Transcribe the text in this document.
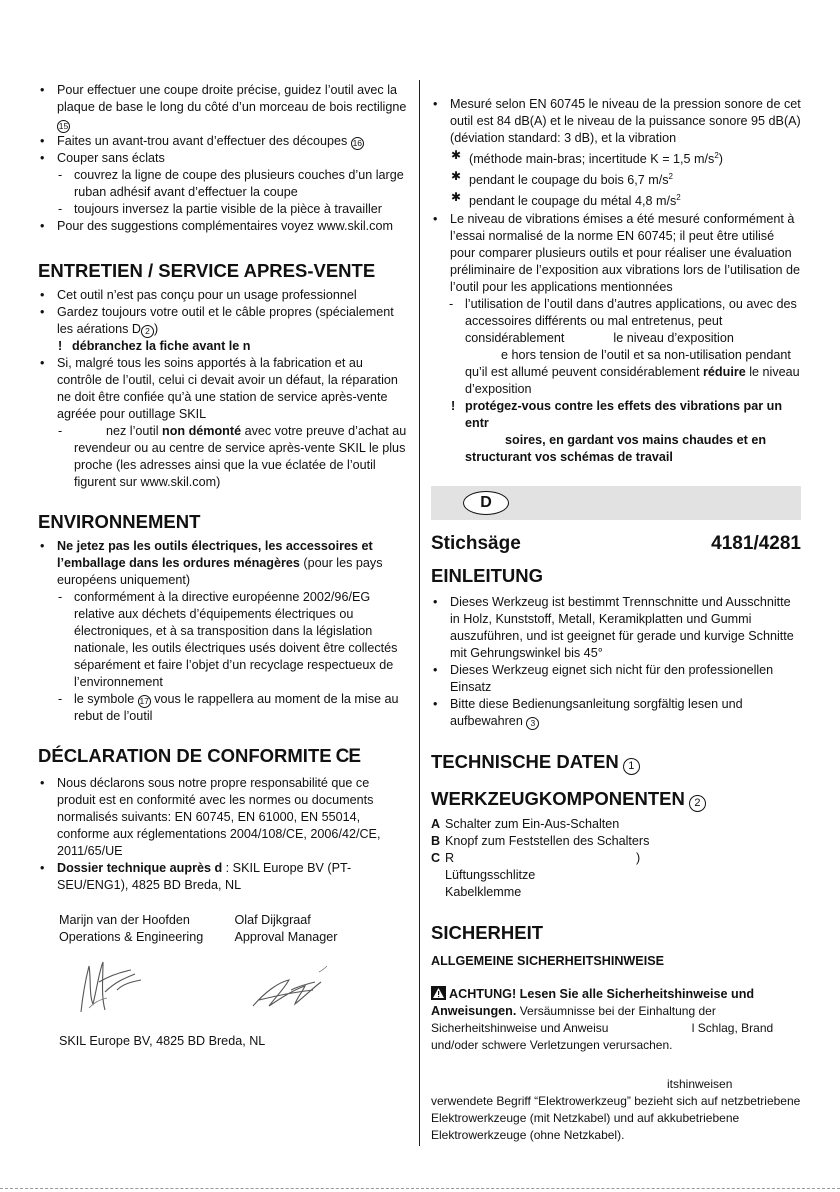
• Pour effectuer une coupe droite précise, guidez l’outil avec la plaque de base le long du côté d’un morceau de bois rectiligne 15
• Faites un avant-trou avant d’effectuer des découpes 16
• Couper sans éclats
- couvrez la ligne de coupe des plusieurs couches d’un large ruban adhésif avant d’effectuer la coupe
- toujours inversez la partie visible de la pièce à travailler
• Pour des suggestions complémentaires voyez www.skil.com
ENTRETIEN / SERVICE APRES-VENTE
• Cet outil n’est pas conçu pour un usage professionnel
• Gardez toujours votre outil et le câble propres (spécialement les aérations D 2 )
! débranchez la fiche avant le n
• Si, malgré tous les soins apportés à la fabrication et au contrôle de l’outil, celui ci devait avoir un défaut, la réparation ne doit être confiée qu’à une station de service après-vente agréée pour outillage SKIL
- nez l’outil non démonté avec votre preuve d’achat au revendeur ou au centre de service après-vente SKIL le plus proche (les adresses ainsi que la vue éclatée de l’outil figurent sur www.skil.com)
ENVIRONNEMENT
• Ne jetez pas les outils électriques, les accessoires et l’emballage dans les ordures ménagères (pour les pays européens uniquement)
- conformément à la directive européenne 2002/96/EG relative aux déchets d’équipements électriques ou électroniques, et à sa transposition dans la législation nationale, les outils électriques usés doivent être collectés séparément et faire l’objet d’un recyclage respectueux de l’environnement
- le symbole 17 vous le rappellera au moment de la mise au rebut de l’outil
DÉCLARATION DE CONFORMITE CE
• Nous déclarons sous notre propre responsabilité que ce produit est en conformité avec les normes ou documents normalisés suivants: EN 60745, EN 61000, EN 55014, conforme aux réglementations 2004/108/CE, 2006/42/CE, 2011/65/UE
• Dossier technique auprès d : SKIL Europe BV (PT-SEU/ENG1), 4825 BD Breda, NL
Marijn van der Hoofden
Operations & Engineering
Olaf Dijkgraaf
Approval Manager
SKIL Europe BV, 4825 BD Breda, NL
• Mesuré selon EN 60745 le niveau de la pression sonore de cet outil est 84 dB(A) et le niveau de la puissance sonore 95 dB(A) (déviation standard: 3 dB), et la vibration
✱ (méthode main-bras; incertitude K = 1,5 $m/s^2$)
✱ pendant le coupage du bois 6,7 $m/s^2$
✱ pendant le coupage du métal 4,8 $m/s^2$
• Le niveau de vibrations émises a été mesuré conformément à l’essai normalisé de la norme EN 60745; il peut être utilisé pour comparer plusieurs outils et pour réaliser une évaluation préliminaire de l’exposition aux vibrations lors de l’utilisation de l’outil pour les applications mentionnées
- l’utilisation de l’outil dans d’autres applications, ou avec des accessoires différents ou mal entretenus, peut considérablement	le niveau d’exposition
e hors tension de l’outil et sa non-utilisation pendant qu’il est allumé peuvent considérablement réduire le niveau d’exposition
! protégez-vous contre les effets des vibrations par un entr
soires, en gardant vos mains chaudes et en structurant vos schémas de travail
D
Stichsäge	4181/4281
EINLEITUNG
• Dieses Werkzeug ist bestimmt Trennschnitte und Ausschnitte in Holz, Kunststoff, Metall, Keramikplatten und Gummi auszuführen, und ist geeignet für gerade und kurvige Schnitte mit Gehrungswinkel bis 45°
• Dieses Werkzeug eignet sich nicht für den professionellen Einsatz
• Bitte diese Bedienungsanleitung sorgfältig lesen und aufbewahren 3
TECHNISCHE DATEN 1
WERKZEUGKOMPONENTEN 2
A Schalter zum Ein-Aus-Schalten
B Knopf zum Feststellen des Schalters
C R                                                    )
Lüftungsschlitze
Kabelklemme
SICHERHEIT
ALLGEMEINE SICHERHEITSHINWEISE
ACHTUNG! Lesen Sie alle Sicherheitshinweise und Anweisungen. Versäumnisse bei der Einhaltung der Sicherheitshinweise und Anweisu                         l Schlag, Brand und/oder schwere Verletzungen verursachen.
itshinweisen
verwendete Begriff “Elektrowerkzeug” bezieht sich auf netzbetriebene Elektrowerkzeuge (mit Netzkabel) und auf akkubetriebene Elektrowerkzeuge (ohne Netzkabel).
